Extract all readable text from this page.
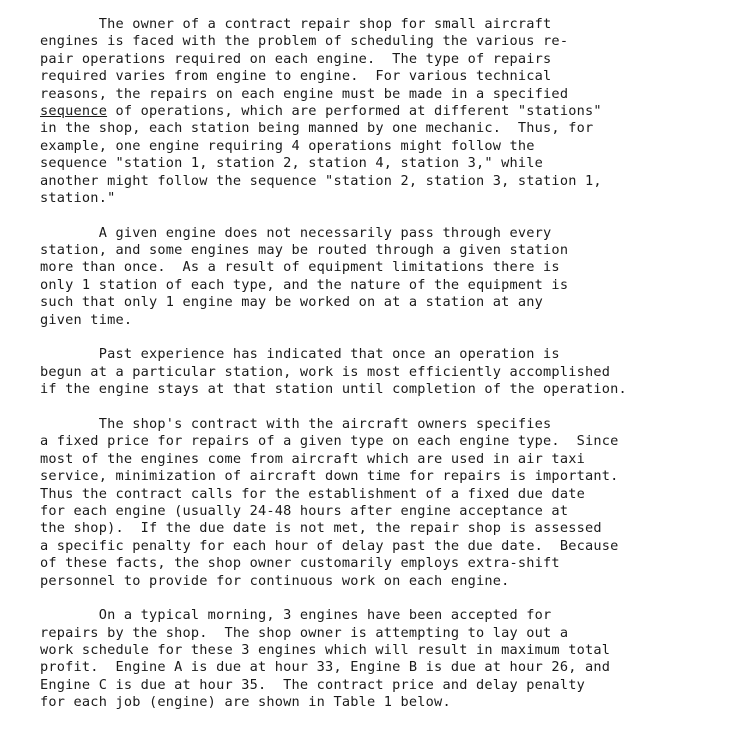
The owner of a contract repair shop for small aircraft
engines is faced with the problem of scheduling the various re-
pair operations required on each engine.  The type of repairs
required varies from engine to engine.  For various technical
reasons, the repairs on each engine must be made in a specified
sequence of operations, which are performed at different "stations"
in the shop, each station being manned by one mechanic.  Thus, for
example, one engine requiring 4 operations might follow the
sequence "station 1, station 2, station 4, station 3," while
another might follow the sequence "station 2, station 3, station 1,
station."
A given engine does not necessarily pass through every
station, and some engines may be routed through a given station
more than once.  As a result of equipment limitations there is
only 1 station of each type, and the nature of the equipment is
such that only 1 engine may be worked on at a station at any
given time.
Past experience has indicated that once an operation is
begun at a particular station, work is most efficiently accomplished
if the engine stays at that station until completion of the operation.
The shop's contract with the aircraft owners specifies
a fixed price for repairs of a given type on each engine type.  Since
most of the engines come from aircraft which are used in air taxi
service, minimization of aircraft down time for repairs is important.
Thus the contract calls for the establishment of a fixed due date
for each engine (usually 24-48 hours after engine acceptance at
the shop).  If the due date is not met, the repair shop is assessed
a specific penalty for each hour of delay past the due date.  Because
of these facts, the shop owner customarily employs extra-shift
personnel to provide for continuous work on each engine.
On a typical morning, 3 engines have been accepted for
repairs by the shop.  The shop owner is attempting to lay out a
work schedule for these 3 engines which will result in maximum total
profit.  Engine A is due at hour 33, Engine B is due at hour 26, and
Engine C is due at hour 35.  The contract price and delay penalty
for each job (engine) are shown in Table 1 below.
